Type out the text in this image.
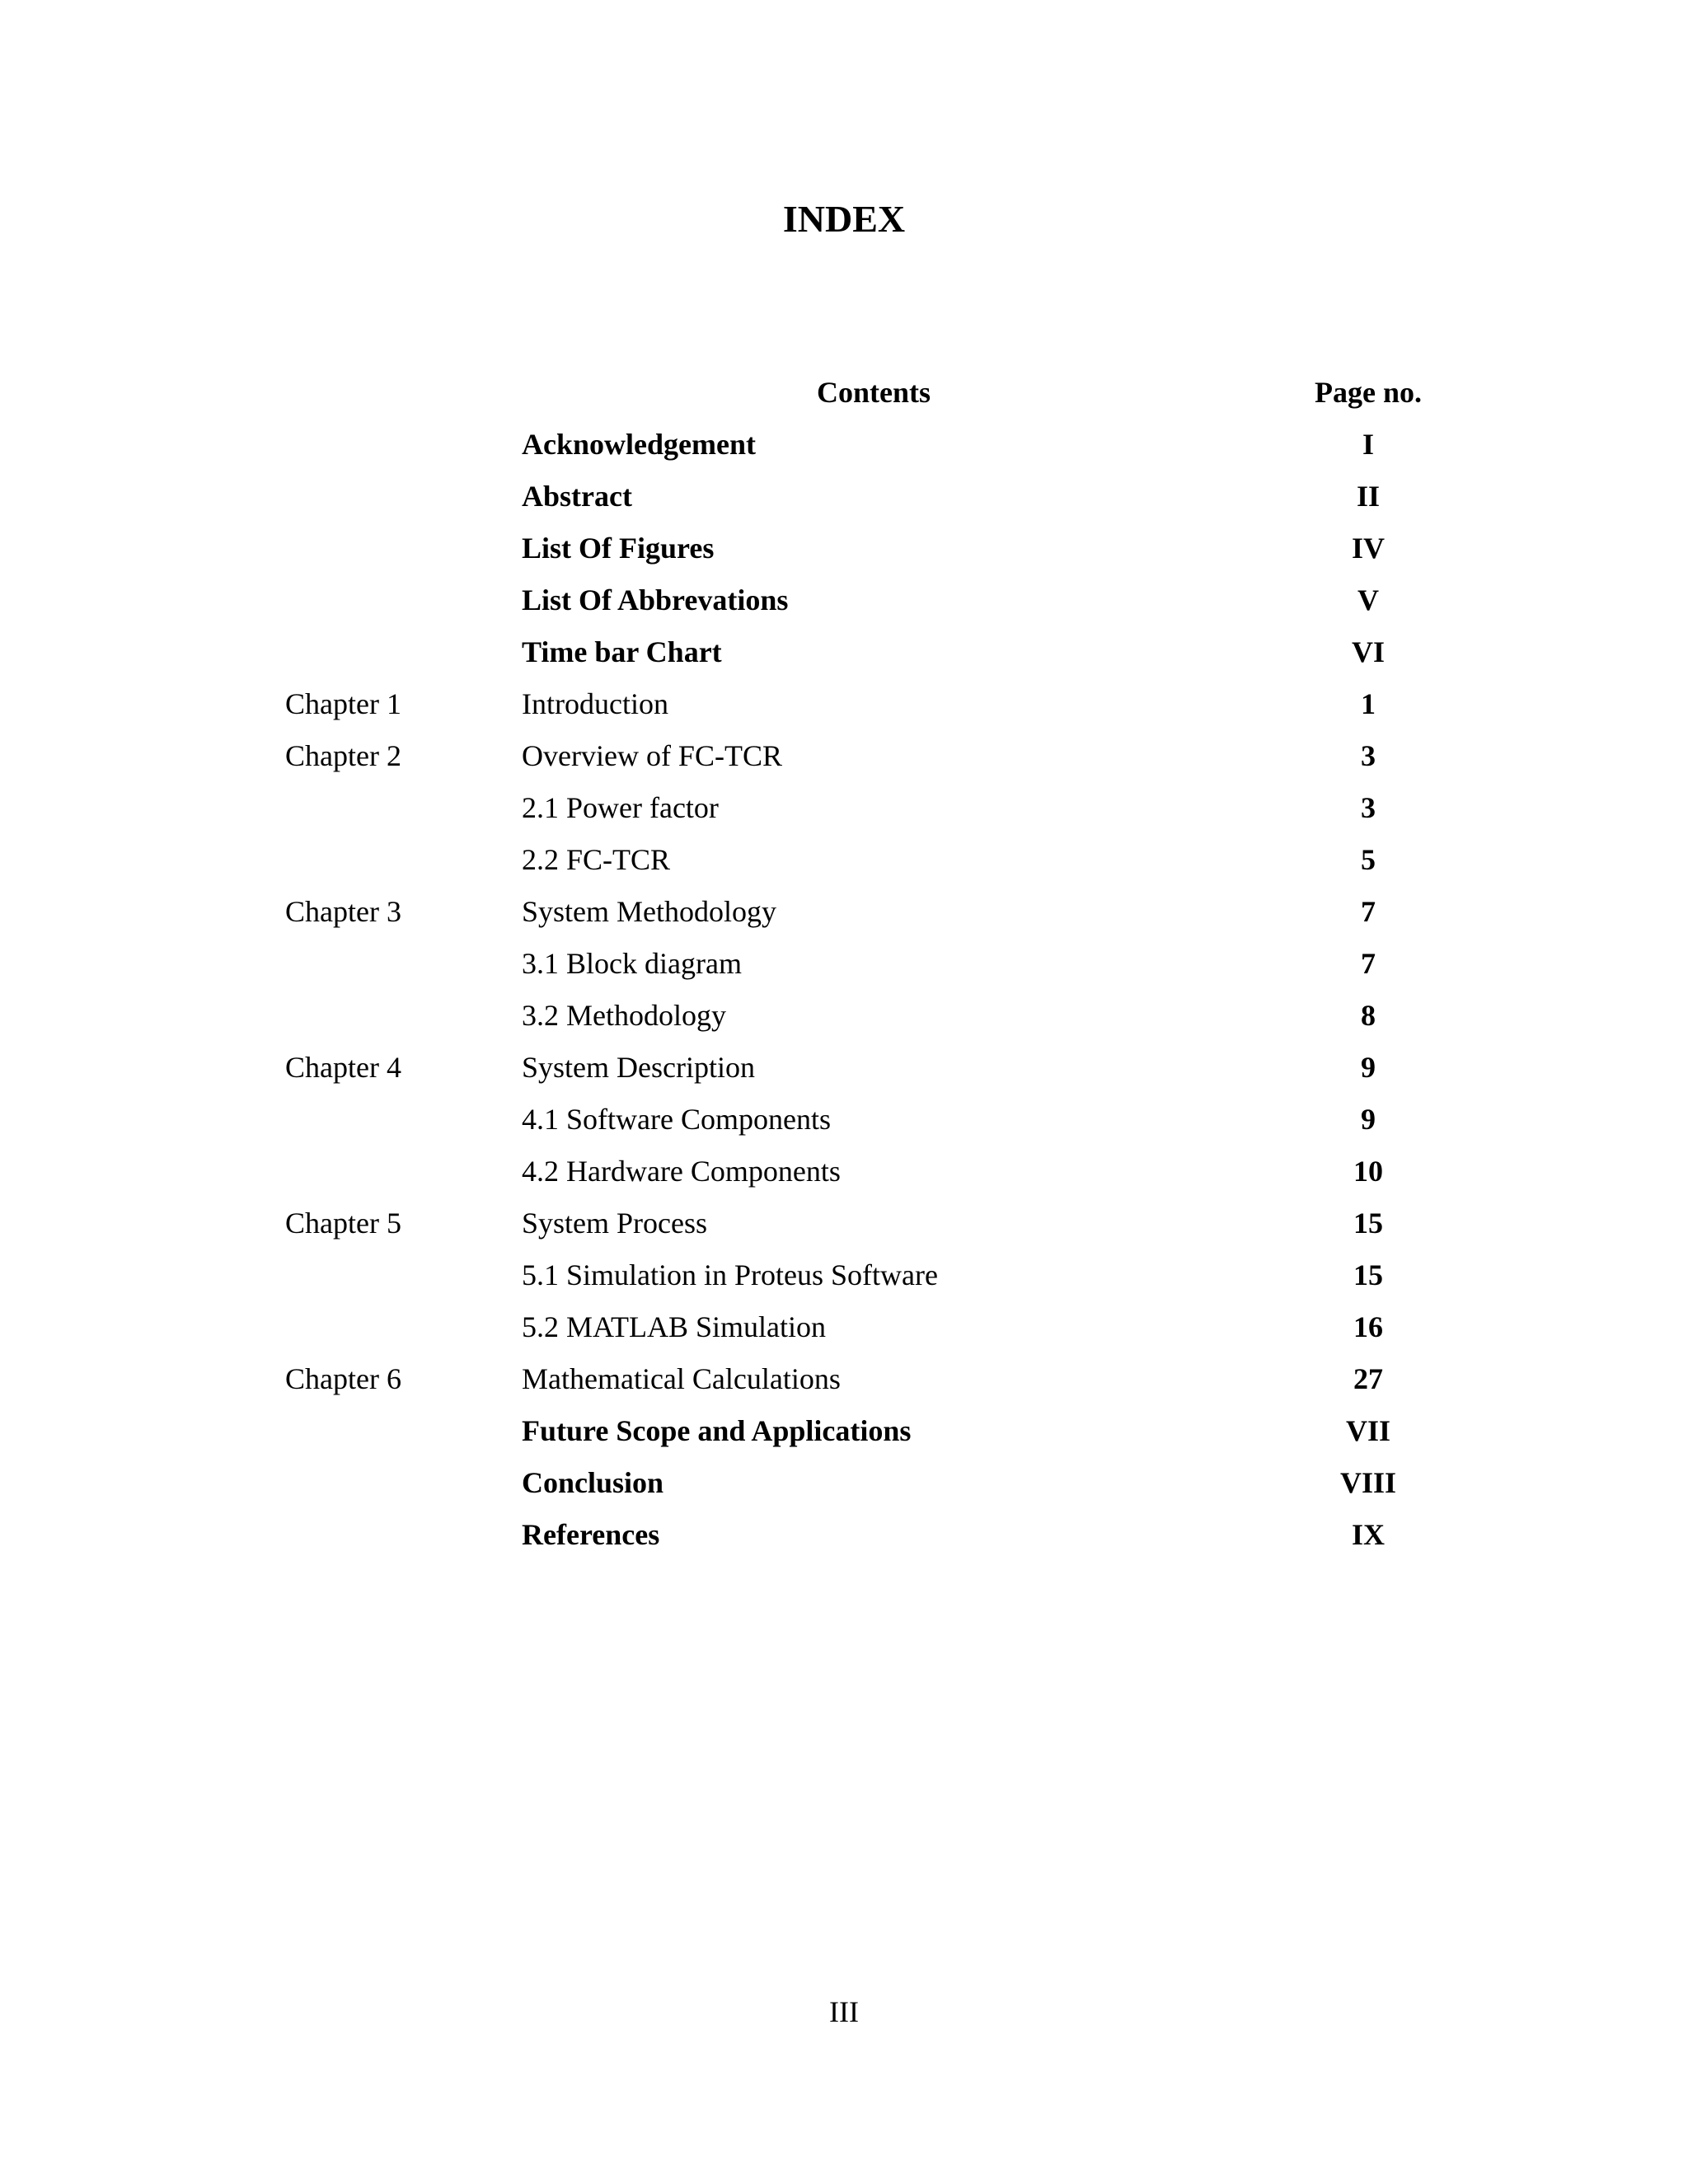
INDEX
Contents	Page no.
Acknowledgement	I
Abstract	II
List Of Figures	IV
List Of Abbrevations	V
Time bar Chart	VI
Chapter 1	Introduction	1
Chapter 2	Overview of FC-TCR	3
2.1 Power factor	3
2.2 FC-TCR	5
Chapter 3	System Methodology	7
3.1 Block diagram	7
3.2 Methodology	8
Chapter 4	System Description	9
4.1 Software Components	9
4.2 Hardware Components	10
Chapter 5	System Process	15
5.1 Simulation in Proteus Software	15
5.2 MATLAB Simulation	16
Chapter 6	Mathematical Calculations	27
Future Scope and Applications	VII
Conclusion	VIII
References	IX
III
